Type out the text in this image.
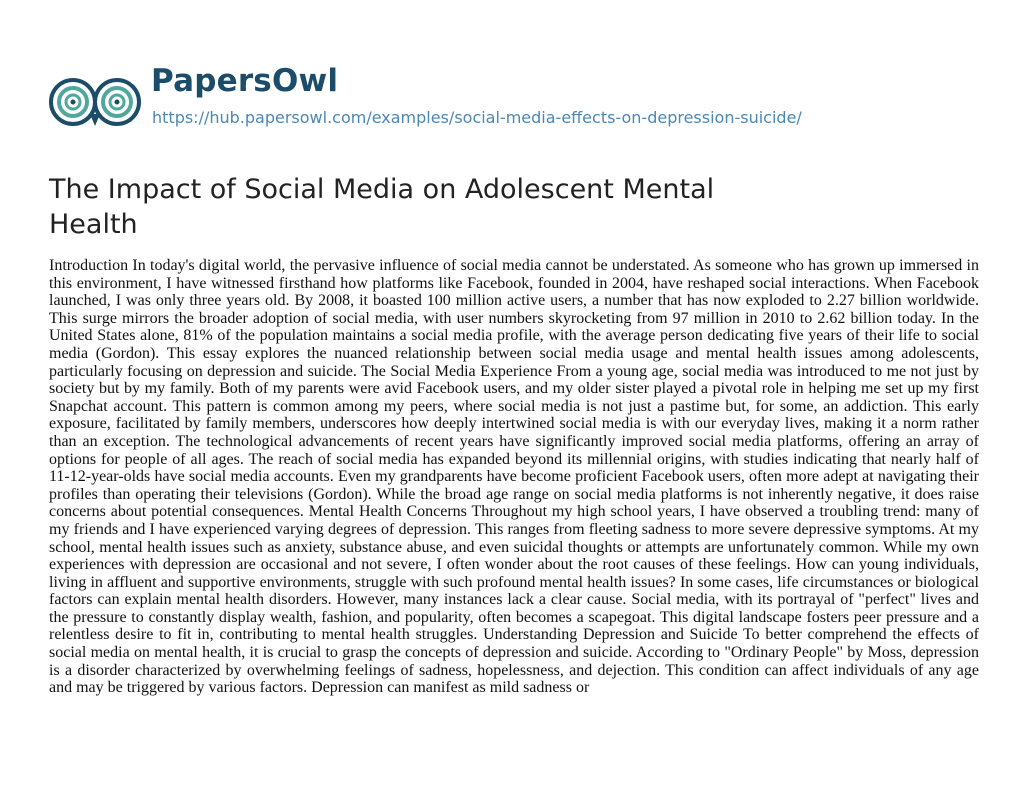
PapersOwl
https://hub.papersowl.com/examples/social-media-effects-on-depression-suicide/
The Impact of Social Media on Adolescent Mental
Health
Introduction In today's digital world, the pervasive influence of social media cannot be understated. As someone who has grown up immersed in
this environment, I have witnessed firsthand how platforms like Facebook, founded in 2004, have reshaped social interactions. When Facebook
launched, I was only three years old. By 2008, it boasted 100 million active users, a number that has now exploded to 2.27 billion worldwide.
This surge mirrors the broader adoption of social media, with user numbers skyrocketing from 97 million in 2010 to 2.62 billion today. In the
United States alone, 81% of the population maintains a social media profile, with the average person dedicating five years of their life to social
media (Gordon). This essay explores the nuanced relationship between social media usage and mental health issues among adolescents,
particularly focusing on depression and suicide. The Social Media Experience From a young age, social media was introduced to me not just by
society but by my family. Both of my parents were avid Facebook users, and my older sister played a pivotal role in helping me set up my first
Snapchat account. This pattern is common among my peers, where social media is not just a pastime but, for some, an addiction. This early
exposure, facilitated by family members, underscores how deeply intertwined social media is with our everyday lives, making it a norm rather
than an exception. The technological advancements of recent years have significantly improved social media platforms, offering an array of
options for people of all ages. The reach of social media has expanded beyond its millennial origins, with studies indicating that nearly half of
11-12-year-olds have social media accounts. Even my grandparents have become proficient Facebook users, often more adept at navigating their
profiles than operating their televisions (Gordon). While the broad age range on social media platforms is not inherently negative, it does raise
concerns about potential consequences. Mental Health Concerns Throughout my high school years, I have observed a troubling trend: many of
my friends and I have experienced varying degrees of depression. This ranges from fleeting sadness to more severe depressive symptoms. At my
school, mental health issues such as anxiety, substance abuse, and even suicidal thoughts or attempts are unfortunately common. While my own
experiences with depression are occasional and not severe, I often wonder about the root causes of these feelings. How can young individuals,
living in affluent and supportive environments, struggle with such profound mental health issues? In some cases, life circumstances or biological
factors can explain mental health disorders. However, many instances lack a clear cause. Social media, with its portrayal of "perfect" lives and
the pressure to constantly display wealth, fashion, and popularity, often becomes a scapegoat. This digital landscape fosters peer pressure and a
relentless desire to fit in, contributing to mental health struggles. Understanding Depression and Suicide To better comprehend the effects of
social media on mental health, it is crucial to grasp the concepts of depression and suicide. According to "Ordinary People" by Moss, depression
is a disorder characterized by overwhelming feelings of sadness, hopelessness, and dejection. This condition can affect individuals of any age
and may be triggered by various factors. Depression can manifest as mild sadness or
